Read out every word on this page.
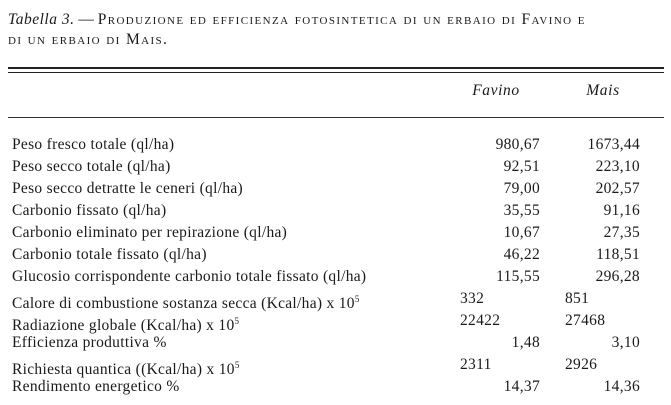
Tabella 3. — Produzione ed efficienza fotosintetica di un erbaio di Favino e
di un erbaio di Mais.
Favino	Mais
Peso fresco totale (ql/ha)	980,67	1673,44
Peso secco totale (ql/ha)	92,51	223,10
Peso secco detratte le ceneri (ql/ha)	79,00	202,57
Carbonio fissato (ql/ha)	35,55	91,16
Carbonio eliminato per repirazione (ql/ha)	10,67	27,35
Carbonio totale fissato (ql/ha)	46,22	118,51
Glucosio corrispondente carbonio totale fissato (ql/ha)	115,55	296,28
Calore di combustione sostanza secca (Kcal/ha) x $10^5$	332	851
Radiazione globale (Kcal/ha) x $10^5$	22422	27468
Efficienza produttiva %	1,48	3,10
Richiesta quantica ((Kcal/ha) x $10^5$	2311	2926
Rendimento energetico %	14,37	14,36
